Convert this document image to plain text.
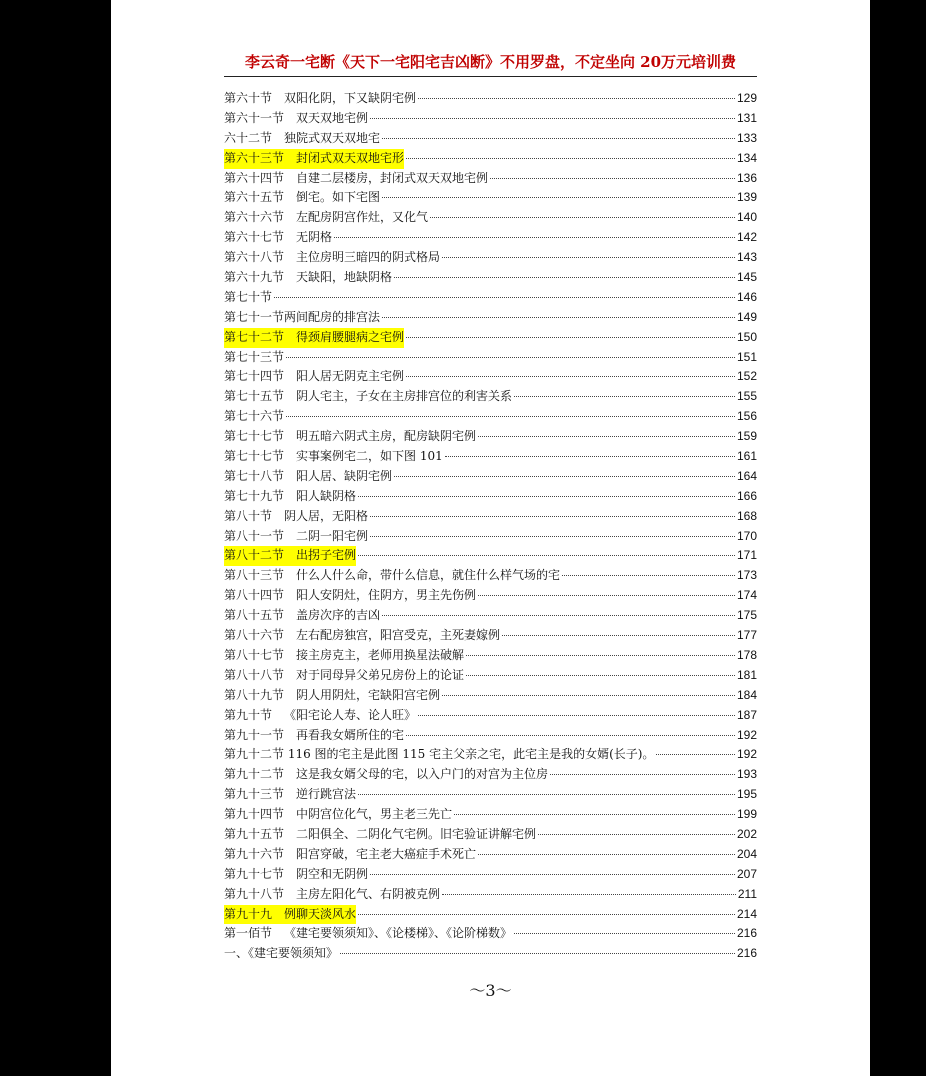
李云奇一宅断《天下一宅阳宅吉凶断》不用罗盘，不定坐向 20万元培训费
第六十节 双阳化阴，下又缺阴宅例	129
第六十一节 双天双地宅例	131
六十二节 独院式双天双地宅	133
第六十三节 封闭式双天双地宅形	134
第六十四节 自建二层楼房，封闭式双天双地宅例	136
第六十五节 倒宅。如下宅图	139
第六十六节 左配房阴宫作灶，又化气	140
第六十七节 无阴格	142
第六十八节 主位房明三暗四的阴式格局	143
第六十九节 天缺阳，地缺阴格	145
第七十节	146
第七十一节两间配房的排宫法	149
第七十二节 得颈肩腰腿病之宅例	150
第七十三节	151
第七十四节 阳人居无阴克主宅例	152
第七十五节 阴人宅主，子女在主房排宫位的利害关系	155
第七十六节	156
第七十七节 明五暗六阴式主房，配房缺阴宅例	159
第七十七节 实事案例宅二，如下图 101	161
第七十八节 阳人居、缺阴宅例	164
第七十九节 阳人缺阴格	166
第八十节 阴人居，无阳格	168
第八十一节 二阴一阳宅例	170
第八十二节 出拐子宅例	171
第八十三节 什么人什么命，带什么信息，就住什么样气场的宅	173
第八十四节 阳人安阴灶，住阴方，男主先伤例	174
第八十五节 盖房次序的吉凶	175
第八十六节 左右配房独宫，阳宫受克，主死妻嫁例	177
第八十七节 接主房克主，老师用换星法破解	178
第八十八节 对于同母异父弟兄房份上的论证	181
第八十九节 阴人用阴灶，宅缺阳宫宅例	184
第九十节 《阳宅论人寿、论人旺》	187
第九十一节 再看我女婿所住的宅	192
第九十二节 116 图的宅主是此图 115 宅主父亲之宅，此宅主是我的女婿(长子)。	192
第九十二节 这是我女婿父母的宅，以入户门的对宫为主位房	193
第九十三节 逆行跳宫法	195
第九十四节 中阴宫位化气，男主老三先亡	199
第九十五节 二阳俱全、二阴化气宅例。旧宅验证讲解宅例	202
第九十六节 阳宫穿破，宅主老大癌症手术死亡	204
第九十七节 阴空和无阴例	207
第九十八节 主房左阳化气、右阴被克例	211
第九十九 例聊天淡风水	214
第一佰节 《建宅要领须知》、《论楼梯》、《论阶梯数》	216
一、《建宅要领须知》	216
～3～
